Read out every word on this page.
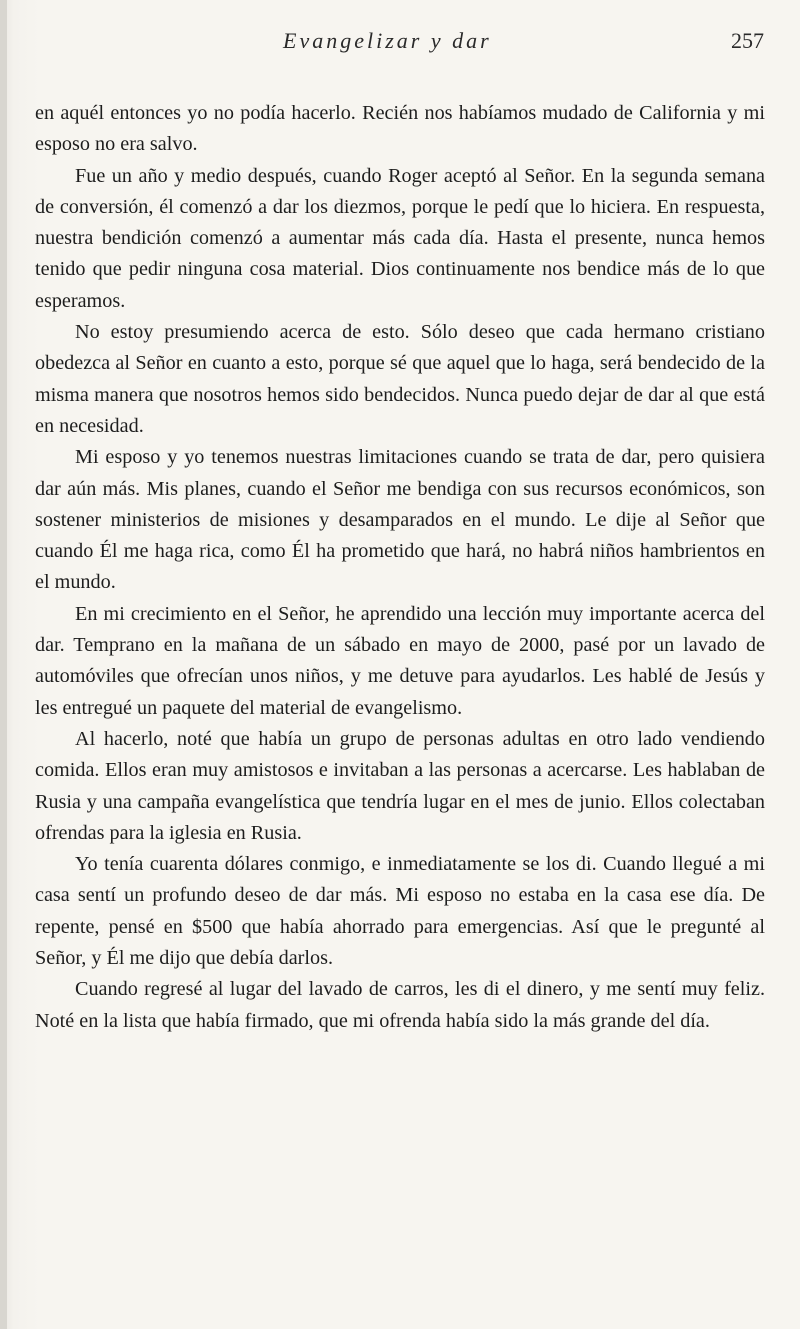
Evangelizar y dar	257

en aquél entonces yo no podía hacerlo. Recién nos habíamos mudado de California y mi esposo no era salvo.

Fue un año y medio después, cuando Roger aceptó al Señor. En la segunda semana de conversión, él comenzó a dar los diezmos, porque le pedí que lo hiciera. En respuesta, nuestra bendición comenzó a aumentar más cada día. Hasta el presente, nunca hemos tenido que pedir ninguna cosa material. Dios continuamente nos bendice más de lo que esperamos.

No estoy presumiendo acerca de esto. Sólo deseo que cada hermano cristiano obedezca al Señor en cuanto a esto, porque sé que aquel que lo haga, será bendecido de la misma manera que nosotros hemos sido bendecidos. Nunca puedo dejar de dar al que está en necesidad.

Mi esposo y yo tenemos nuestras limitaciones cuando se trata de dar, pero quisiera dar aún más. Mis planes, cuando el Señor me bendiga con sus recursos económicos, son sostener ministerios de misiones y desamparados en el mundo. Le dije al Señor que cuando Él me haga rica, como Él ha prometido que hará, no habrá niños hambrientos en el mundo.

En mi crecimiento en el Señor, he aprendido una lección muy importante acerca del dar. Temprano en la mañana de un sábado en mayo de 2000, pasé por un lavado de automóviles que ofrecían unos niños, y me detuve para ayudarlos. Les hablé de Jesús y les entregué un paquete del material de evangelismo.

Al hacerlo, noté que había un grupo de personas adultas en otro lado vendiendo comida. Ellos eran muy amistosos e invitaban a las personas a acercarse. Les hablaban de Rusia y una campaña evangelística que tendría lugar en el mes de junio. Ellos colectaban ofrendas para la iglesia en Rusia.

Yo tenía cuarenta dólares conmigo, e inmediatamente se los di. Cuando llegué a mi casa sentí un profundo deseo de dar más. Mi esposo no estaba en la casa ese día. De repente, pensé en $500 que había ahorrado para emergencias. Así que le pregunté al Señor, y Él me dijo que debía darlos.

Cuando regresé al lugar del lavado de carros, les di el dinero, y me sentí muy feliz. Noté en la lista que había firmado, que mi ofrenda había sido la más grande del día.
